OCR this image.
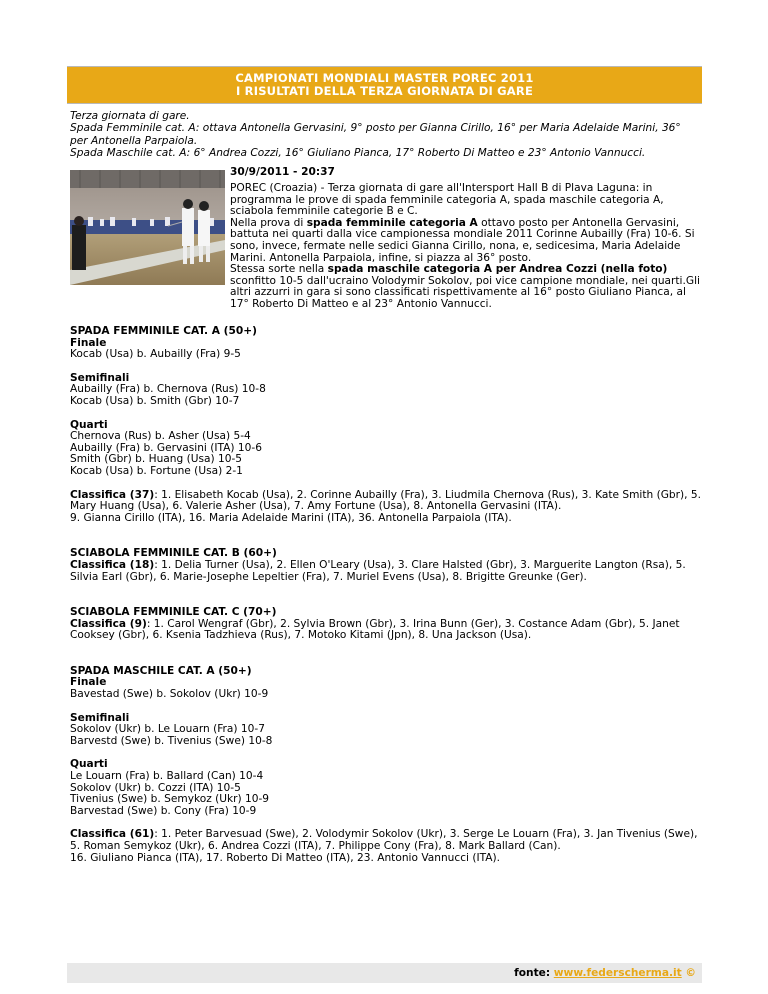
CAMPIONATI MONDIALI MASTER POREC 2011
I RISULTATI DELLA TERZA GIORNATA DI GARE
Terza giornata di gare.
Spada Femminile cat. A: ottava Antonella Gervasini, 9° posto per Gianna Cirillo, 16° per Maria Adelaide Marini, 36° per Antonella Parpaiola.
Spada Maschile cat. A: 6° Andrea Cozzi, 16° Giuliano Pianca, 17° Roberto Di Matteo e 23° Antonio Vannucci.
30/9/2011 - 20:37
POREC (Croazia) - Terza giornata di gare all'Intersport Hall B di Plava Laguna: in programma le prove di spada femminile categoria A, spada maschile categoria A, sciabola femminile categorie B e C.
Nella prova di spada femminile categoria A ottavo posto per Antonella Gervasini, battuta nei quarti dalla vice campionessa mondiale 2011 Corinne Aubailly (Fra) 10-6. Si sono, invece, fermate nelle sedici Gianna Cirillo, nona, e, sedicesima, Maria Adelaide Marini. Antonella Parpaiola, infine, si piazza al 36° posto.
Stessa sorte nella spada maschile categoria A per Andrea Cozzi (nella foto) sconfitto 10-5 dall'ucraino Volodymir Sokolov, poi vice campione mondiale, nei quarti.Gli altri azzurri in gara si sono classificati rispettivamente al 16° posto Giuliano Pianca, al 17° Roberto Di Matteo e al 23° Antonio Vannucci.

SPADA FEMMINILE CAT. A (50+)

Finale

Kocab (Usa) b. Aubailly (Fra) 9-5

Semifinali

Aubailly (Fra) b. Chernova (Rus) 10-8

Kocab (Usa) b. Smith (Gbr) 10-7

Quarti

Chernova (Rus) b. Asher (Usa) 5-4

Aubailly (Fra) b. Gervasini (ITA) 10-6

Smith (Gbr) b. Huang (Usa) 10-5

Kocab (Usa) b. Fortune (Usa) 2-1

Classifica (37): 1. Elisabeth Kocab (Usa), 2. Corinne Aubailly (Fra), 3. Liudmila Chernova (Rus), 3. Kate Smith (Gbr), 5. Mary Huang (Usa), 6. Valerie Asher (Usa), 7. Amy Fortune (Usa), 8. Antonella Gervasini (ITA).

9. Gianna Cirillo (ITA), 16. Maria Adelaide Marini (ITA), 36. Antonella Parpaiola (ITA).

SCIABOLA FEMMINILE CAT. B (60+)

Classifica (18): 1. Delia Turner (Usa), 2. Ellen O'Leary (Usa), 3. Clare Halsted (Gbr), 3. Marguerite Langton (Rsa), 5. Silvia Earl (Gbr), 6. Marie-Josephe Lepeltier (Fra), 7. Muriel Evens (Usa), 8. Brigitte Greunke (Ger).

SCIABOLA FEMMINILE CAT. C (70+)

Classifica (9): 1. Carol Wengraf (Gbr), 2. Sylvia Brown (Gbr), 3. Irina Bunn (Ger), 3. Costance Adam (Gbr), 5. Janet Cooksey (Gbr), 6. Ksenia Tadzhieva (Rus), 7. Motoko Kitami (Jpn), 8. Una Jackson (Usa).

SPADA MASCHILE CAT. A (50+)

Finale

Bavestad (Swe) b. Sokolov (Ukr) 10-9

Semifinali

Sokolov (Ukr) b. Le Louarn (Fra) 10-7

Barvestd (Swe) b. Tivenius (Swe) 10-8

Quarti

Le Louarn (Fra) b. Ballard (Can) 10-4

Sokolov (Ukr) b. Cozzi (ITA) 10-5

Tivenius (Swe) b. Semykoz (Ukr) 10-9

Barvestad (Swe) b. Cony (Fra) 10-9

Classifica (61): 1. Peter Barvesuad (Swe), 2. Volodymir Sokolov (Ukr), 3. Serge Le Louarn (Fra), 3. Jan Tivenius (Swe), 5. Roman Semykoz (Ukr), 6. Andrea Cozzi (ITA), 7. Philippe Cony (Fra), 8. Mark Ballard (Can).

16. Giuliano Pianca (ITA), 17. Roberto Di Matteo (ITA), 23. Antonio Vannucci (ITA).

fonte: www.federscherma.it ©
